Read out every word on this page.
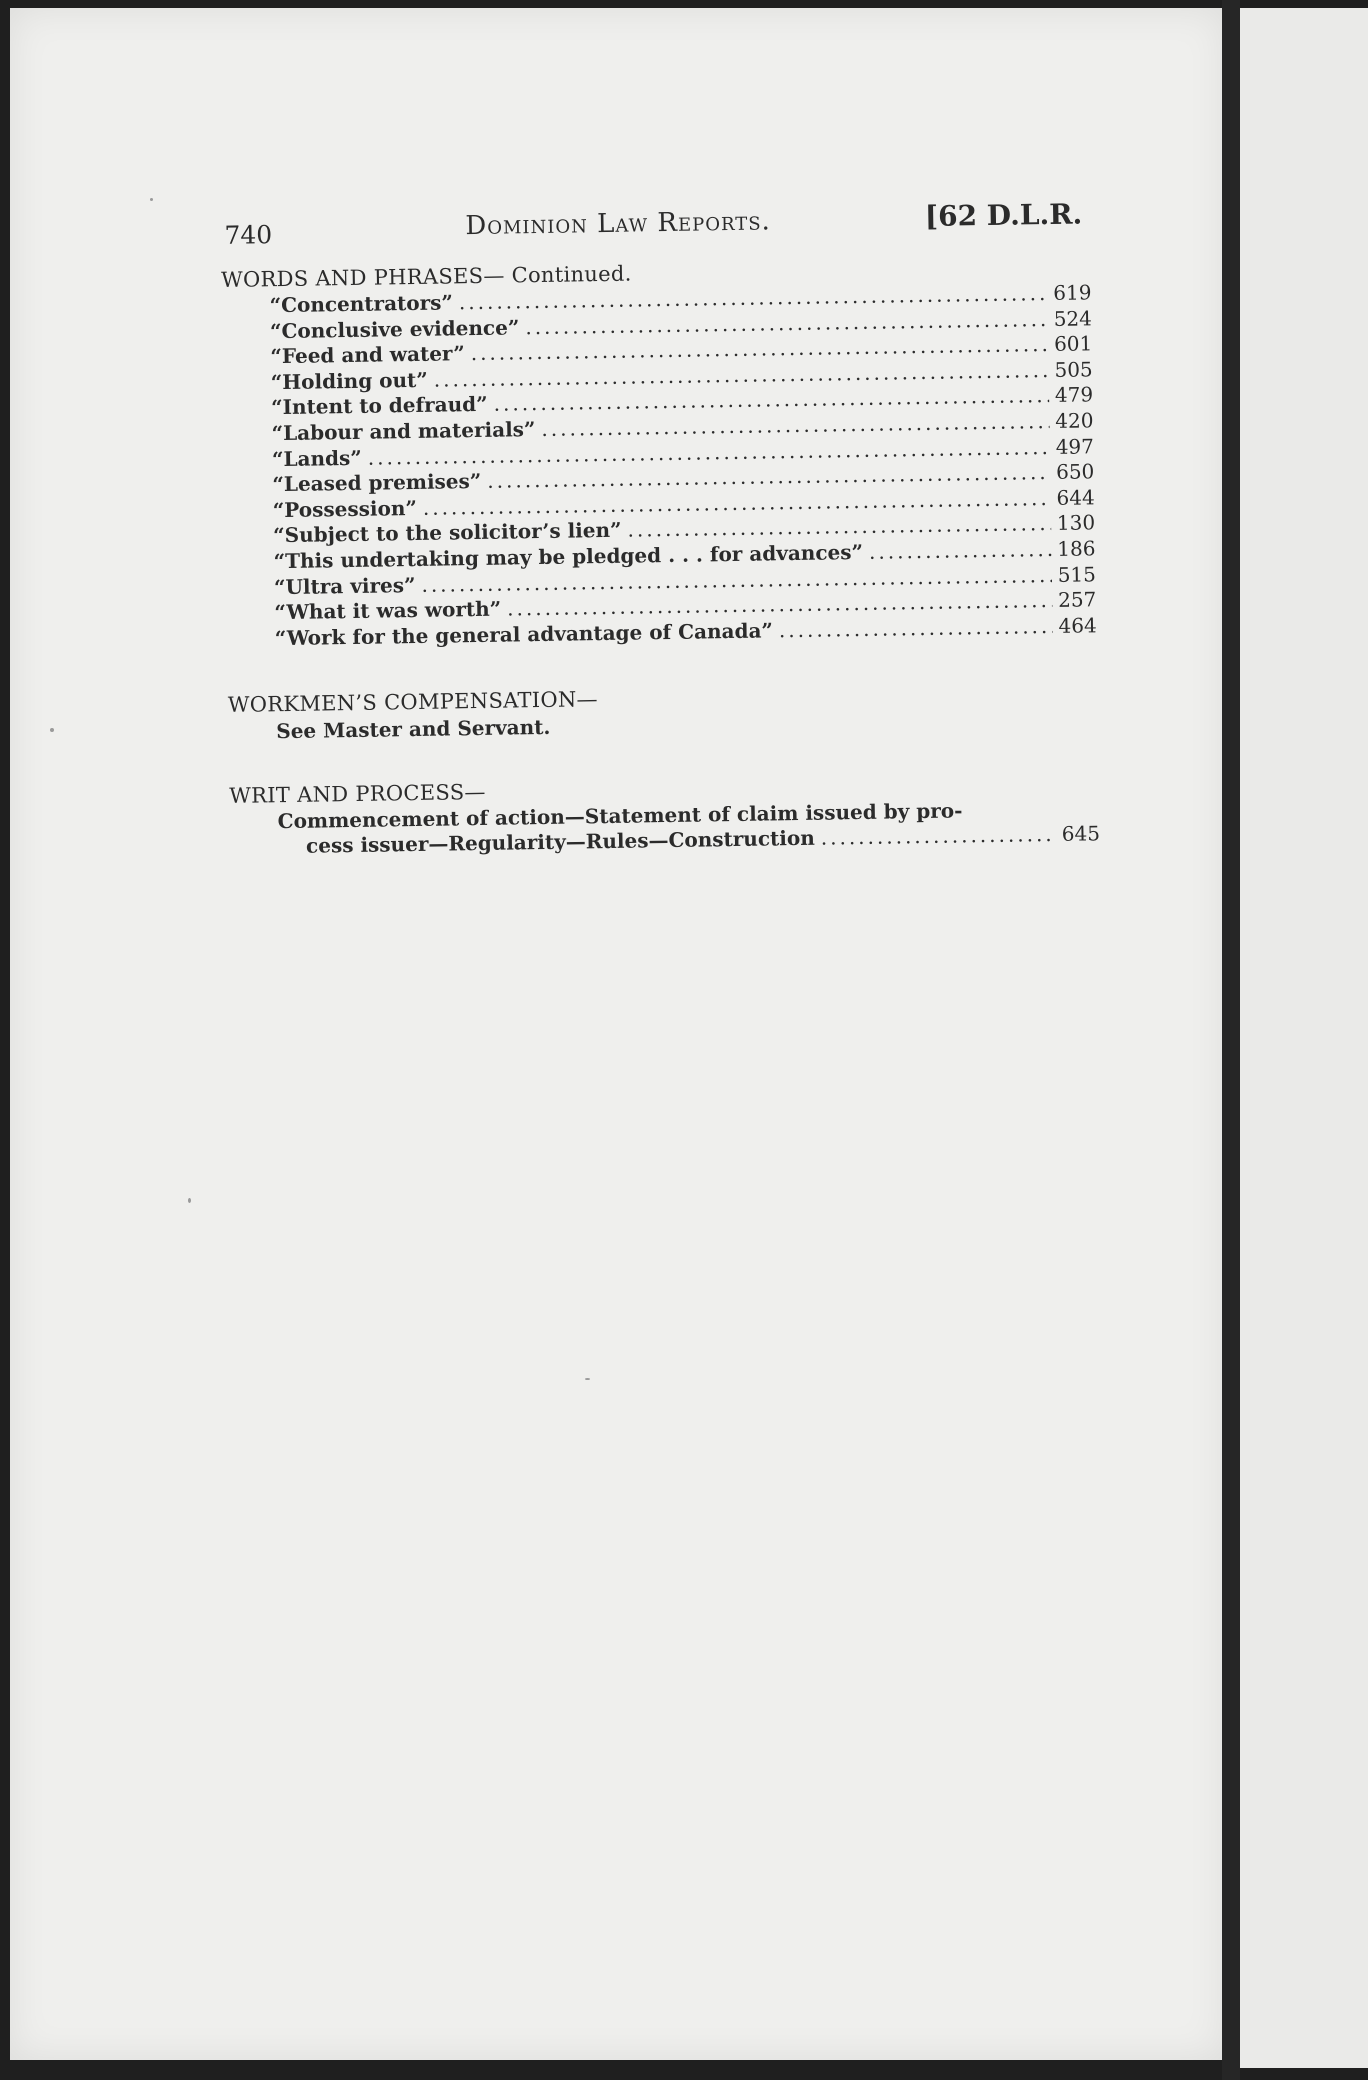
740	Dominion Law Reports.	[62 D.L.R.
WORDS AND PHRASES— Continued.
“Concentrators” .....	619
“Conclusive evidence” .....	524
“Feed and water” .....	601
“Holding out” .....	505
“Intent to defraud” .....	479
“Labour and materials” .....	420
“Lands” .....	497
“Leased premises” .....	650
“Possession” .....	644
“Subject to the solicitor’s lien” .....	130
“This undertaking may be pledged . . . for advances” .....	186
“Ultra vires” .....	515
“What it was worth” .....	257
“Work for the general advantage of Canada” .....	464
WORKMEN’S COMPENSATION—
See Master and Servant.
WRIT AND PROCESS—
Commencement of action—Statement of claim issued by pro-
cess issuer—Regularity—Rules—Construction .....	645
